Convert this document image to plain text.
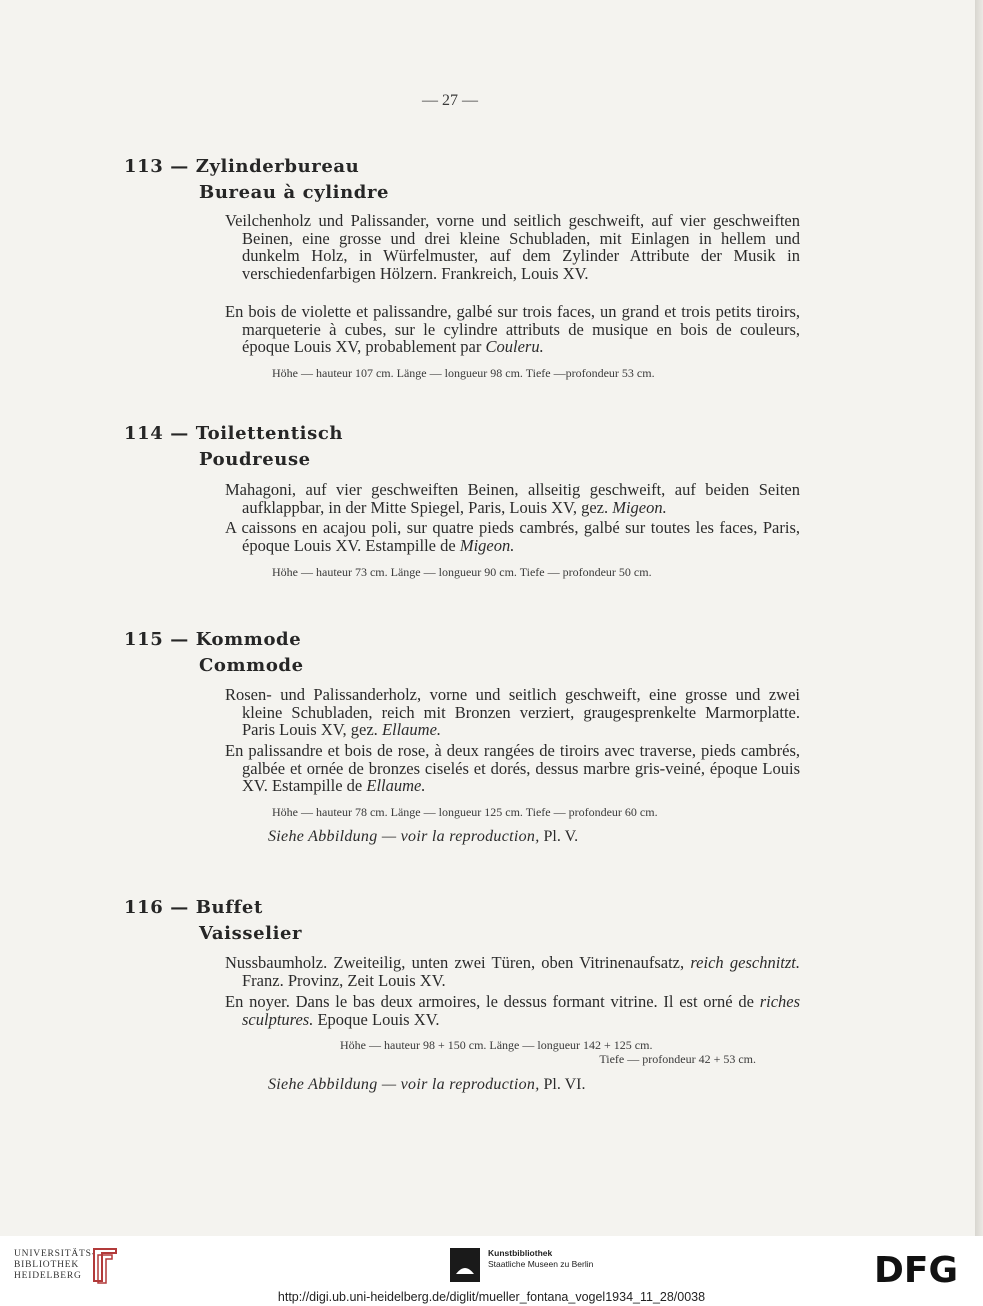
— 27 —
113 — Zylinderbureau
Bureau à cylindre
Veilchenholz und Palissander, vorne und seitlich geschweift, auf vier geschweiften Beinen, eine grosse und drei kleine Schubladen, mit Einlagen in hellem und dunkelm Holz, in Würfelmuster, auf dem Zylinder Attribute der Musik in verschiedenfarbigen Hölzern. Frankreich, Louis XV.
En bois de violette et palissandre, galbé sur trois faces, un grand et trois petits tiroirs, marqueterie à cubes, sur le cylindre attributs de musique en bois de couleurs, époque Louis XV, probablement par Couleru.
Höhe — hauteur 107 cm. Länge — longueur 98 cm. Tiefe —profondeur 53 cm.
114 — Toilettentisch
Poudreuse
Mahagoni, auf vier geschweiften Beinen, allseitig geschweift, auf beiden Seiten aufklappbar, in der Mitte Spiegel, Paris, Louis XV, gez. Migeon.
A caissons en acajou poli, sur quatre pieds cambrés, galbé sur toutes les faces, Paris, époque Louis XV. Estampille de Migeon.
Höhe — hauteur 73 cm. Länge — longueur 90 cm. Tiefe — profondeur 50 cm.
115 — Kommode
Commode
Rosen- und Palissanderholz, vorne und seitlich geschweift, eine grosse und zwei kleine Schubladen, reich mit Bronzen verziert, graugesprenkelte Marmorplatte. Paris Louis XV, gez. Ellaume.
En palissandre et bois de rose, à deux rangées de tiroirs avec traverse, pieds cambrés, galbée et ornée de bronzes ciselés et dorés, dessus marbre gris-veiné, époque Louis XV. Estampille de Ellaume.
Höhe — hauteur 78 cm. Länge — longueur 125 cm. Tiefe — profondeur 60 cm.
Siehe Abbildung — voir la reproduction, Pl. V.
116 — Buffet
Vaisselier
Nussbaumholz. Zweiteilig, unten zwei Türen, oben Vitrinenaufsatz, reich geschnitzt. Franz. Provinz, Zeit Louis XV.
En noyer. Dans le bas deux armoires, le dessus formant vitrine. Il est orné de riches sculptures. Epoque Louis XV.
Höhe — hauteur 98 + 150 cm. Länge — longueur 142 + 125 cm.
Tiefe — profondeur 42 + 53 cm.
Siehe Abbildung — voir la reproduction, Pl. VI.
UNIVERSITÄTS-
BIBLIOTHEK
HEIDELBERG
Kunstbibliothek
Staatliche Museen zu Berlin	DFG
http://digi.ub.uni-heidelberg.de/diglit/mueller_fontana_vogel1934_11_28/0038
